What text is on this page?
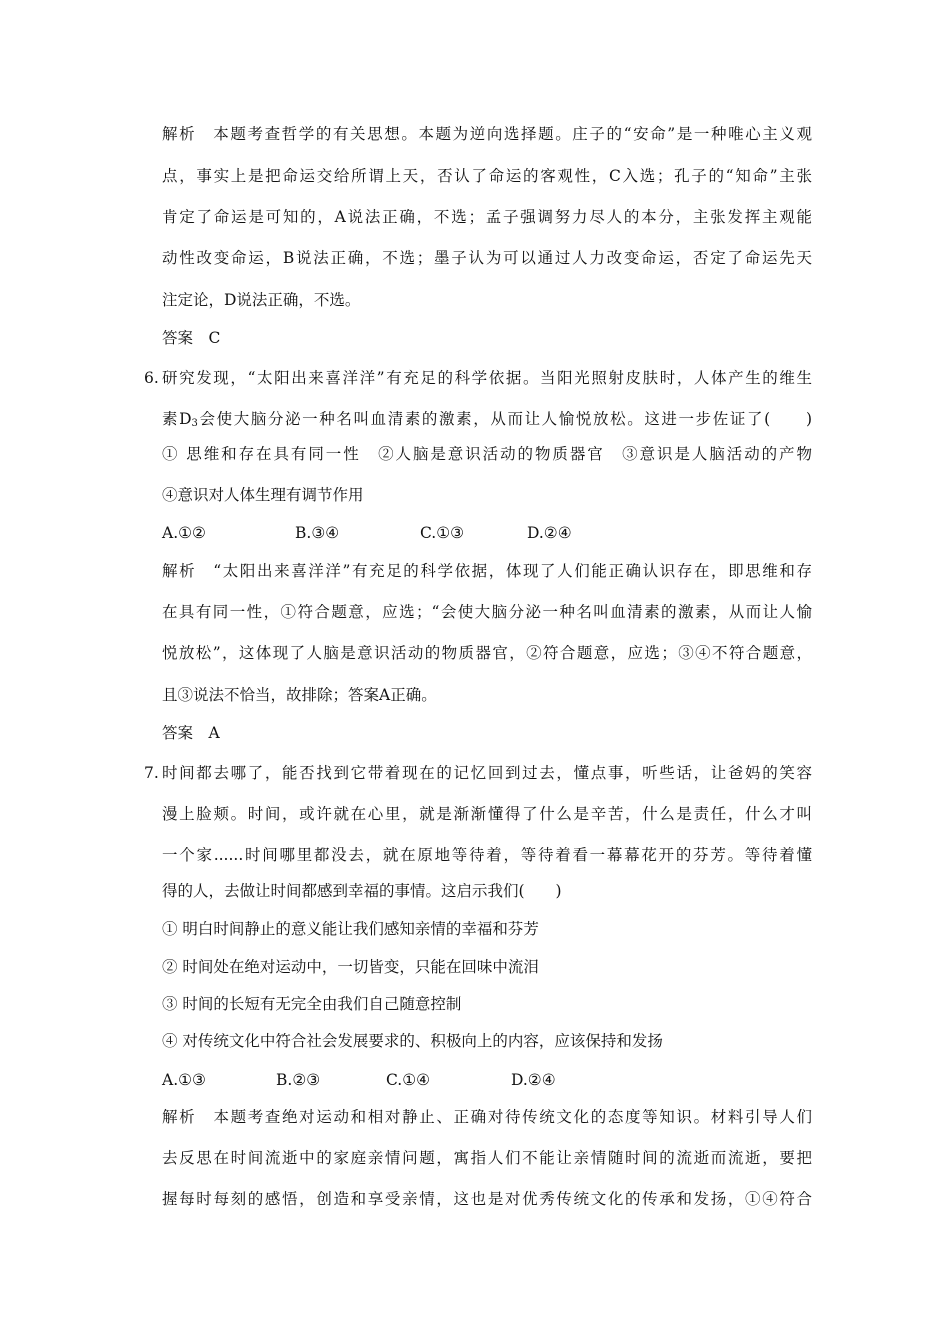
解析　本题考查哲学的有关思想。本题为逆向选择题。庄子的“安命”是一种唯心主义观
点，事实上是把命运交给所谓上天，否认了命运的客观性，C入选；孔子的“知命”主张
肯定了命运是可知的，A说法正确，不选；孟子强调努力尽人的本分，主张发挥主观能
动性改变命运，B说法正确，不选；墨子认为可以通过人力改变命运，否定了命运先天
注定论，D说法正确，不选。
答案　C
6. 研究发现，“太阳出来喜洋洋”有充足的科学依据。当阳光照射皮肤时，人体产生的维生
素$D_3$会使大脑分泌一种名叫血清素的激素，从而让人愉悦放松。这进一步佐证了(　　)
① 思维和存在具有同一性　②人脑是意识活动的物质器官　③意识是人脑活动的产物
④意识对人体生理有调节作用
A.①②	B.③④	C.①③	D.②④
解析　“太阳出来喜洋洋”有充足的科学依据，体现了人们能正确认识存在，即思维和存
在具有同一性，①符合题意，应选；“会使大脑分泌一种名叫血清素的激素，从而让人愉
悦放松”，这体现了人脑是意识活动的物质器官，②符合题意，应选；③④不符合题意，
且③说法不恰当，故排除；答案A正确。
答案　A
7. 时间都去哪了，能否找到它带着现在的记忆回到过去，懂点事，听些话，让爸妈的笑容
漫上脸颊。时间，或许就在心里，就是渐渐懂得了什么是辛苦，什么是责任，什么才叫
一个家......时间哪里都没去，就在原地等待着，等待着看一幕幕花开的芬芳。等待着懂
得的人，去做让时间都感到幸福的事情。这启示我们(　　)
① 明白时间静止的意义能让我们感知亲情的幸福和芬芳
② 时间处在绝对运动中，一切皆变，只能在回味中流泪
③ 时间的长短有无完全由我们自己随意控制
④ 对传统文化中符合社会发展要求的、积极向上的内容，应该保持和发扬
A.①③	B.②③	C.①④	D.②④
解析　本题考查绝对运动和相对静止、正确对待传统文化的态度等知识。材料引导人们
去反思在时间流逝中的家庭亲情问题，寓指人们不能让亲情随时间的流逝而流逝，要把
握每时每刻的感悟，创造和享受亲情，这也是对优秀传统文化的传承和发扬，①④符合
